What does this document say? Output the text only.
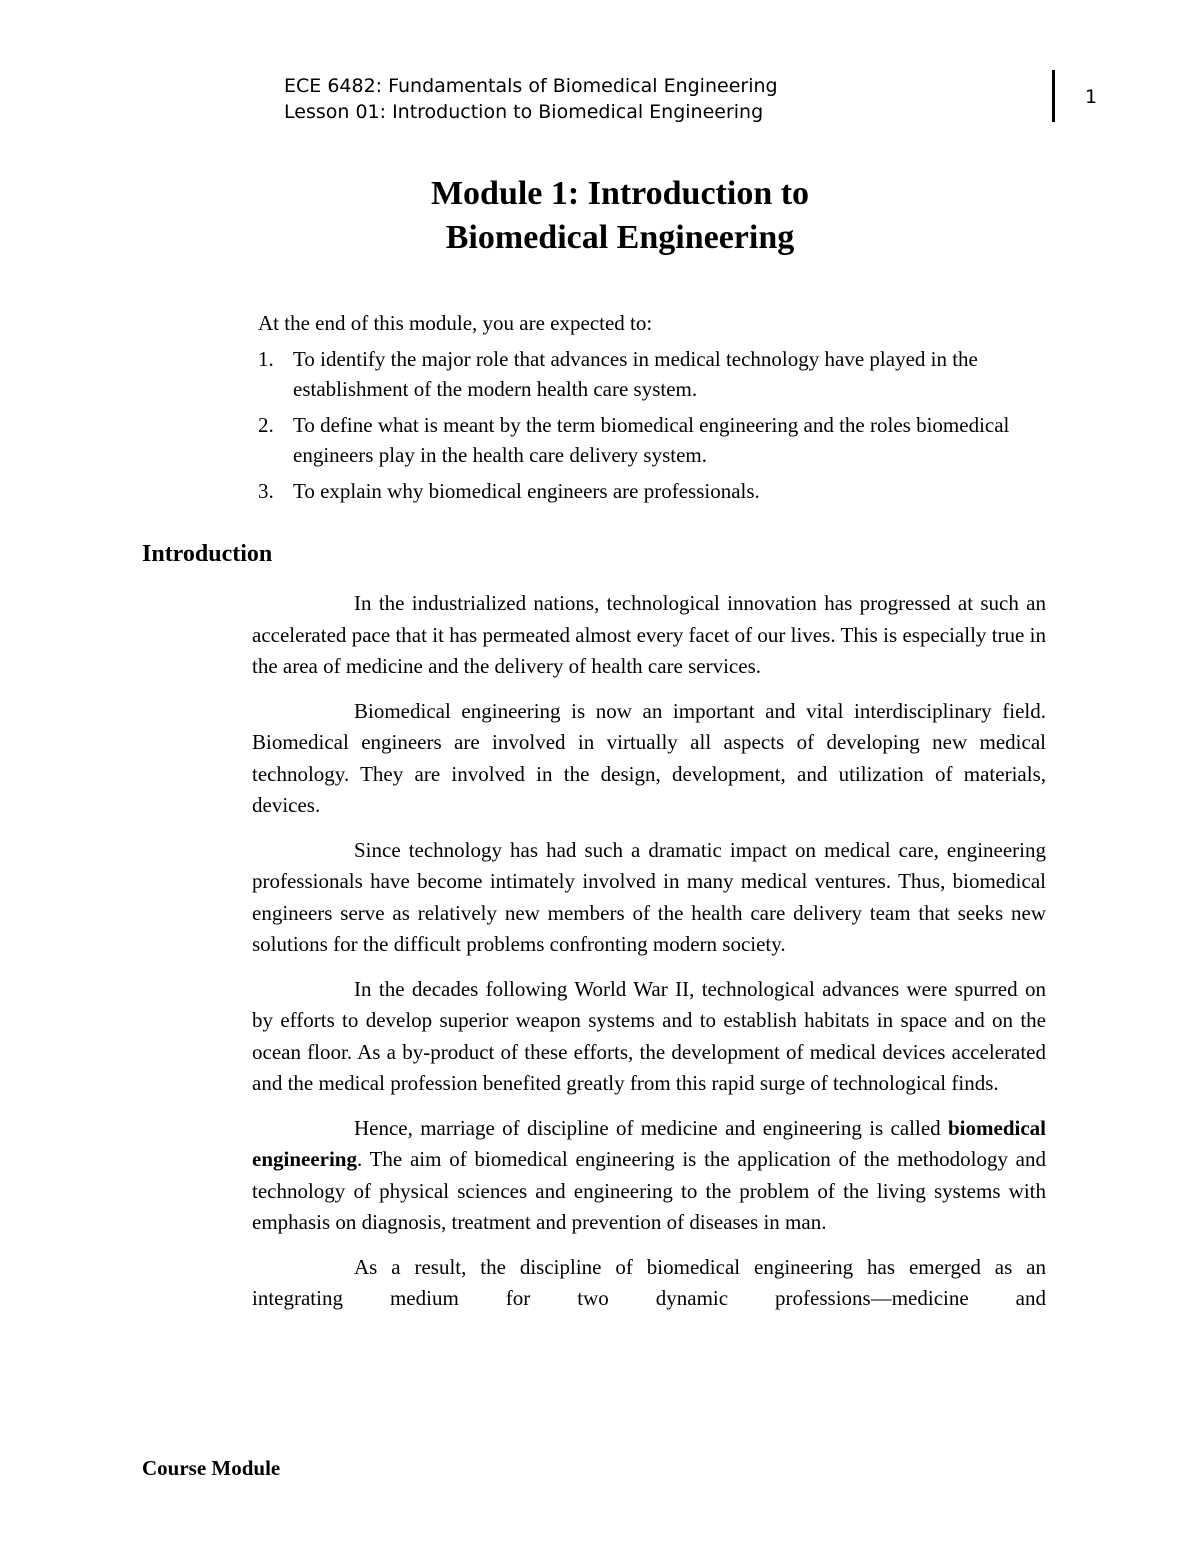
ECE 6482: Fundamentals of Biomedical Engineering
Lesson 01: Introduction to Biomedical Engineering
1
Module 1: Introduction to
Biomedical Engineering

At the end of this module, you are expected to:

1. To identify the major role that advances in medical technology have played in the establishment of the modern health care system.
2. To define what is meant by the term biomedical engineering and the roles biomedical engineers play in the health care delivery system.
3. To explain why biomedical engineers are professionals.
Introduction

In the industrialized nations, technological innovation has progressed at such an accelerated pace that it has permeated almost every facet of our lives. This is especially true in the area of medicine and the delivery of health care services.

Biomedical engineering is now an important and vital interdisciplinary field. Biomedical engineers are involved in virtually all aspects of developing new medical technology. They are involved in the design, development, and utilization of materials, devices.

Since technology has had such a dramatic impact on medical care, engineering professionals have become intimately involved in many medical ventures. Thus, biomedical engineers serve as relatively new members of the health care delivery team that seeks new solutions for the difficult problems confronting modern society.

In the decades following World War II, technological advances were spurred on by efforts to develop superior weapon systems and to establish habitats in space and on the ocean floor. As a by-product of these efforts, the development of medical devices accelerated and the medical profession benefited greatly from this rapid surge of technological finds.

Hence, marriage of discipline of medicine and engineering is called biomedical engineering. The aim of biomedical engineering is the application of the methodology and technology of physical sciences and engineering to the problem of the living systems with emphasis on diagnosis, treatment and prevention of diseases in man.

As a result, the discipline of biomedical engineering has emerged as an integrating medium for two dynamic professions—medicine and

Course Module
